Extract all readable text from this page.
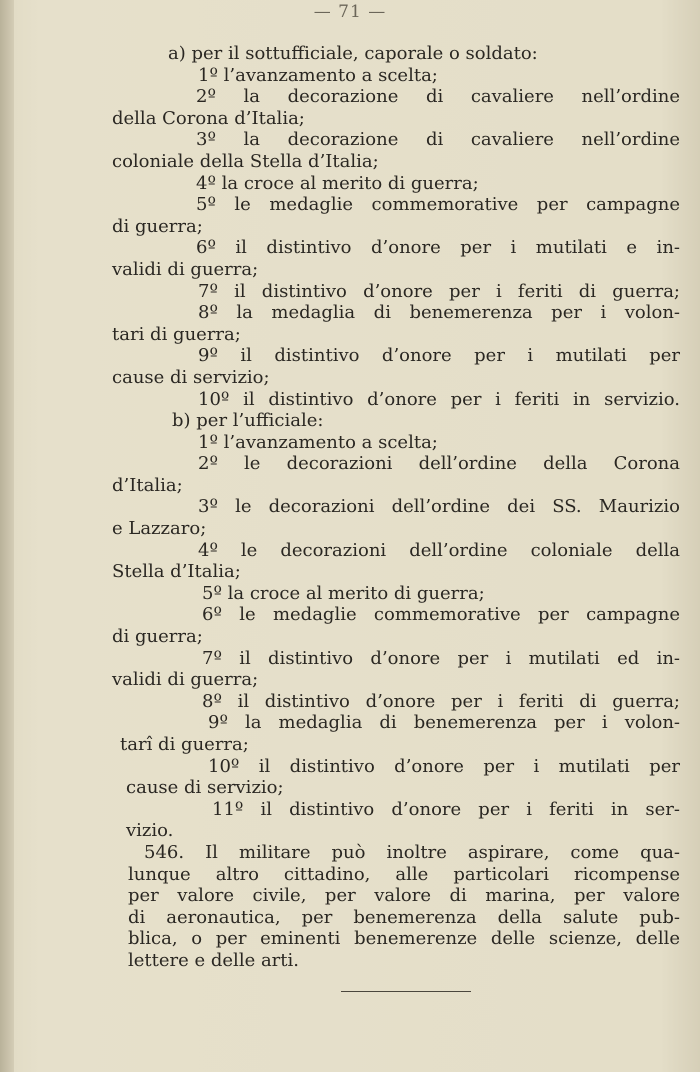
— 71 —
a) per il sottufficiale, caporale o soldato:
1º l’avanzamento a scelta;
2º la decorazione di cavaliere nell’ordine
della Corona d’Italia;
3º la decorazione di cavaliere nell’ordine
coloniale della Stella d’Italia;
4º la croce al merito di guerra;
5º le medaglie commemorative per campagne
di guerra;
6º il distintivo d’onore per i mutilati e in-
validi di guerra;
7º il distintivo d’onore per i feriti di guerra;
8º la medaglia di benemerenza per i volon-
tari di guerra;
9º il distintivo d’onore per i mutilati per
cause di servizio;
10º il distintivo d’onore per i feriti in servizio.
b) per l’ufficiale:
1º l’avanzamento a scelta;
2º le decorazioni dell’ordine della Corona
d’Italia;
3º le decorazioni dell’ordine dei SS. Maurizio
e Lazzaro;
4º le decorazioni dell’ordine coloniale della
Stella d’Italia;
5º la croce al merito di guerra;
6º le medaglie commemorative per campagne
di guerra;
7º il distintivo d’onore per i mutilati ed in-
validi di guerra;
8º il distintivo d’onore per i feriti di guerra;
9º la medaglia di benemerenza per i volon-
tarî di guerra;
10º il distintivo d’onore per i mutilati per
cause di servizio;
11º il distintivo d’onore per i feriti in ser-
vizio.
546. Il militare può inoltre aspirare, come qua-
lunque altro cittadino, alle particolari ricompense
per valore civile, per valore di marina, per valore
di aeronautica, per benemerenza della salute pub-
blica, o per eminenti benemerenze delle scienze, delle
lettere e delle arti.
